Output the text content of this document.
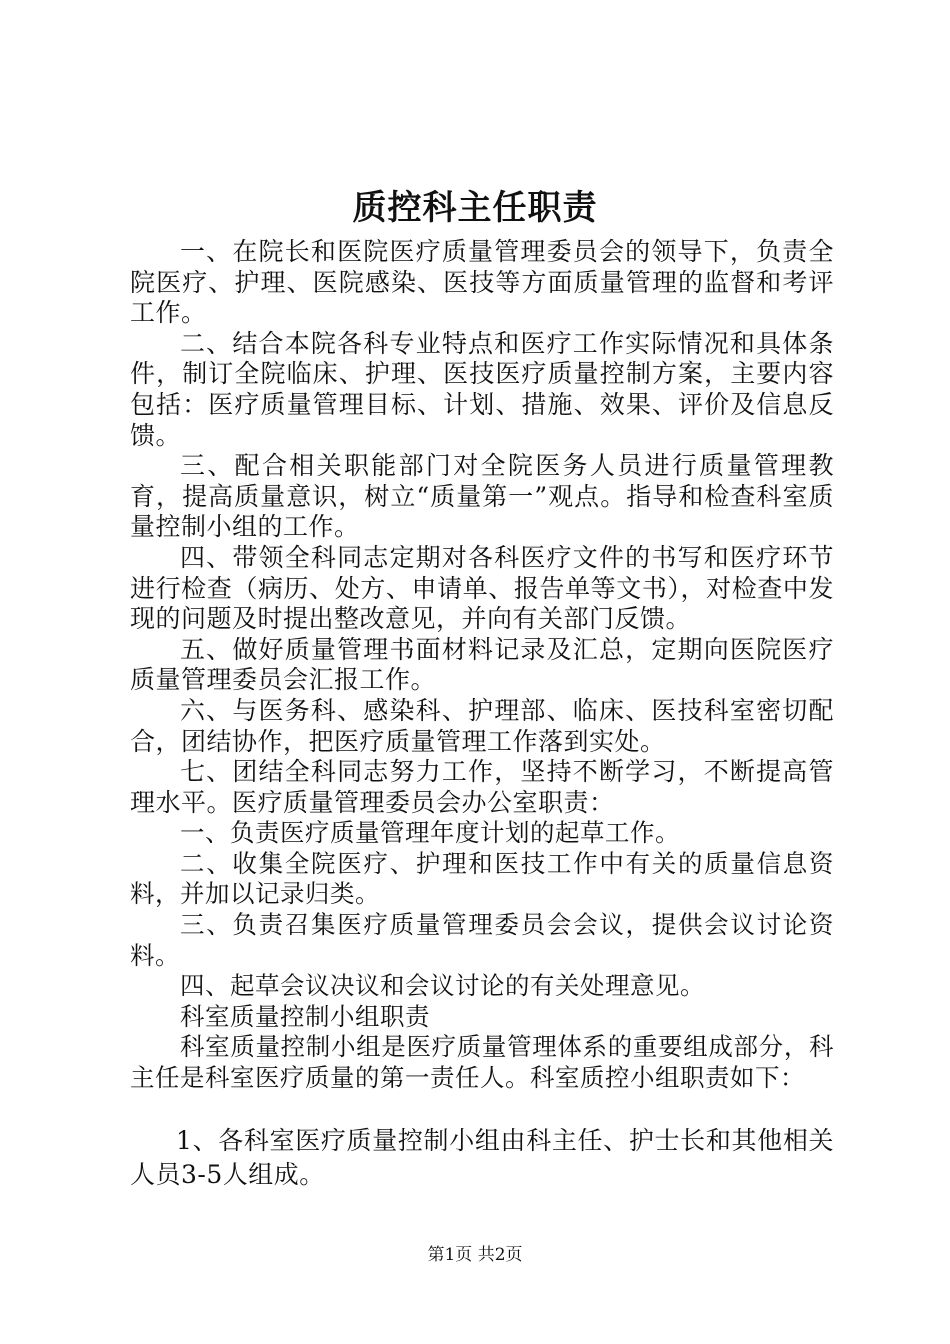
质控科主任职责

一、在院长和医院医疗质量管理委员会的领导下，负责全院医疗、护理、医院感染、医技等方面质量管理的监督和考评工作。

二、结合本院各科专业特点和医疗工作实际情况和具体条件，制订全院临床、护理、医技医疗质量控制方案，主要内容包括：医疗质量管理目标、计划、措施、效果、评价及信息反馈。

三、配合相关职能部门对全院医务人员进行质量管理教育，提高质量意识，树立“质量第一”观点。指导和检查科室质量控制小组的工作。

四、带领全科同志定期对各科医疗文件的书写和医疗环节进行检查（病历、处方、申请单、报告单等文书），对检查中发现的问题及时提出整改意见，并向有关部门反馈。

五、做好质量管理书面材料记录及汇总，定期向医院医疗质量管理委员会汇报工作。

六、与医务科、感染科、护理部、临床、医技科室密切配合，团结协作，把医疗质量管理工作落到实处。

七、团结全科同志努力工作，坚持不断学习，不断提高管理水平。医疗质量管理委员会办公室职责：

一、负责医疗质量管理年度计划的起草工作。

二、收集全院医疗、护理和医技工作中有关的质量信息资料，并加以记录归类。

三、负责召集医疗质量管理委员会会议，提供会议讨论资料。

四、起草会议决议和会议讨论的有关处理意见。

科室质量控制小组职责

科室质量控制小组是医疗质量管理体系的重要组成部分，科主任是科室医疗质量的第一责任人。科室质控小组职责如下：

1、各科室医疗质量控制小组由科主任、护士长和其他相关人员3-5人组成。

第1页 共2页
